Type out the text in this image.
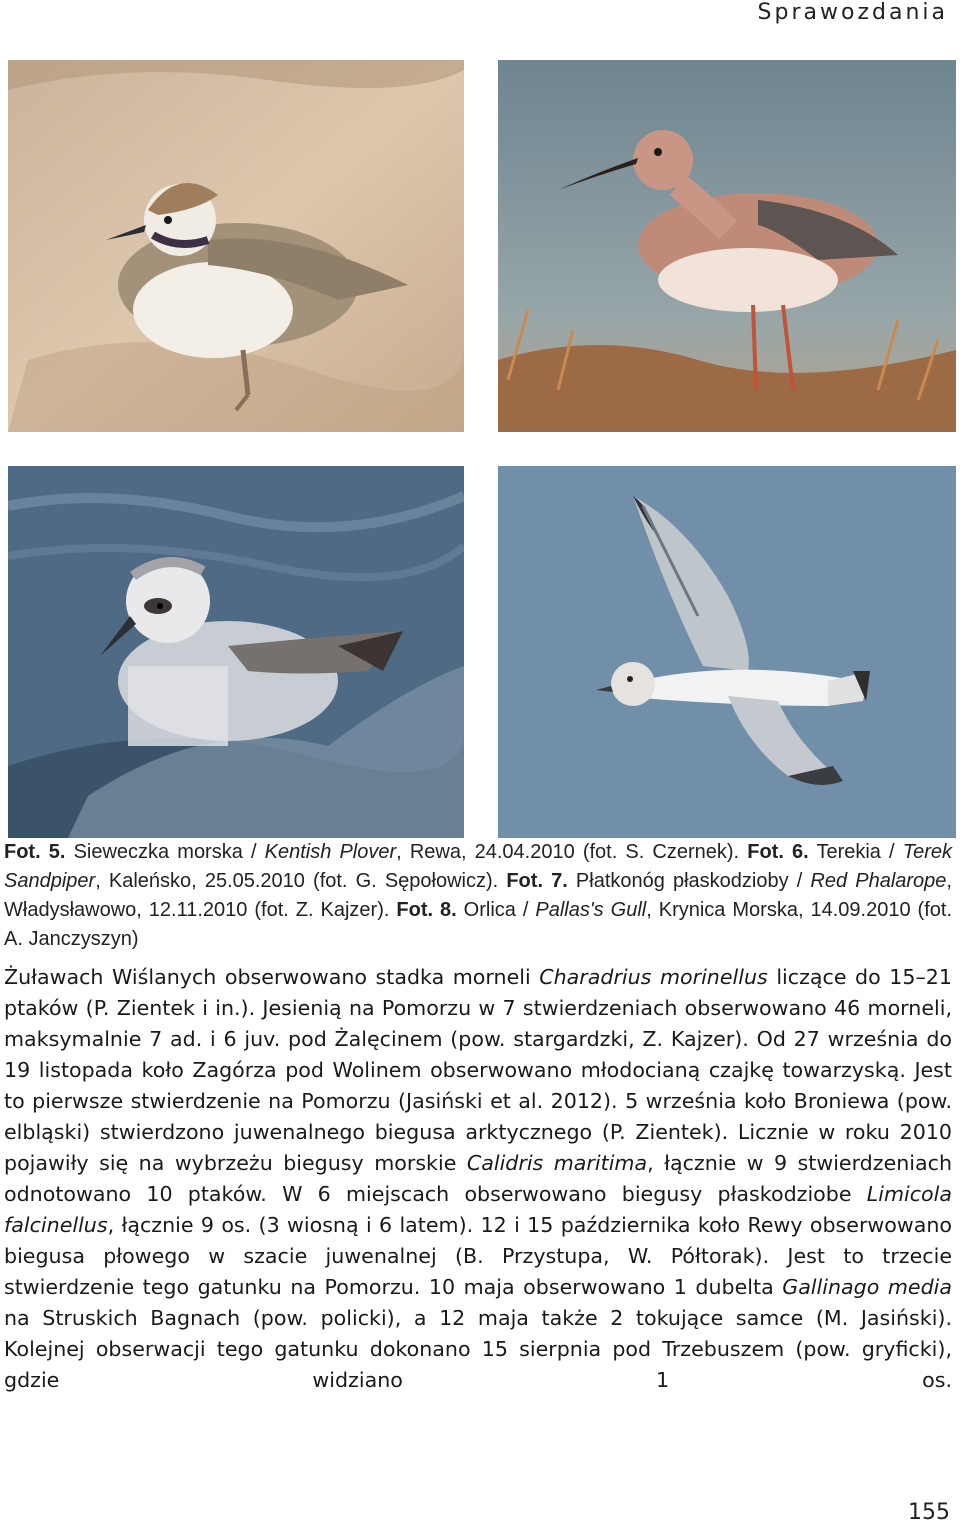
Sprawozdania
Fot. 5. Sieweczka morska / Kentish Plover, Rewa, 24.04.2010 (fot. S. Czernek). Fot. 6. Terekia / Terek Sandpiper, Kaleńsko, 25.05.2010 (fot. G. Sępołowicz). Fot. 7. Płatkonóg płaskodzioby / Red Phalarope, Władysławowo, 12.11.2010 (fot. Z. Kajzer). Fot. 8. Orlica / Pallas's Gull, Krynica Morska, 14.09.2010 (fot. A. Janczyszyn)
Żuławach Wiślanych obserwowano stadka morneli Charadrius morinellus liczące do 15–21 ptaków (P. Zientek i in.). Jesienią na Pomorzu w 7 stwierdzeniach obserwowano 46 morneli, maksymalnie 7 ad. i 6 juv. pod Żalęcinem (pow. stargardzki, Z. Kajzer). Od 27 września do 19 listopada koło Zagórza pod Wolinem obserwowano młodocianą czajkę towarzyską. Jest to pierwsze stwierdzenie na Pomorzu (Jasiński et al. 2012). 5 września koło Broniewa (pow. elbląski) stwierdzono juwenalnego biegusa arktycznego (P. Zientek). Licznie w roku 2010 pojawiły się na wybrzeżu biegusy morskie Calidris maritima, łącznie w 9 stwierdzeniach odnotowano 10 ptaków. W 6 miejscach obserwowano biegusy płaskodziobe Limicola falcinellus, łącznie 9 os. (3 wiosną i 6 latem). 12 i 15 października koło Rewy obserwowano biegusa płowego w szacie juwenalnej (B. Przystupa, W. Półtorak). Jest to trzecie stwierdzenie tego gatunku na Pomorzu. 10 maja obserwowano 1 dubelta Gallinago media na Struskich Bagnach (pow. policki), a 12 maja także 2 tokujące samce (M. Jasiński). Kolejnej obserwacji tego gatunku dokonano 15 sierpnia pod Trzebuszem (pow. gryficki), gdzie widziano 1 os.
155
